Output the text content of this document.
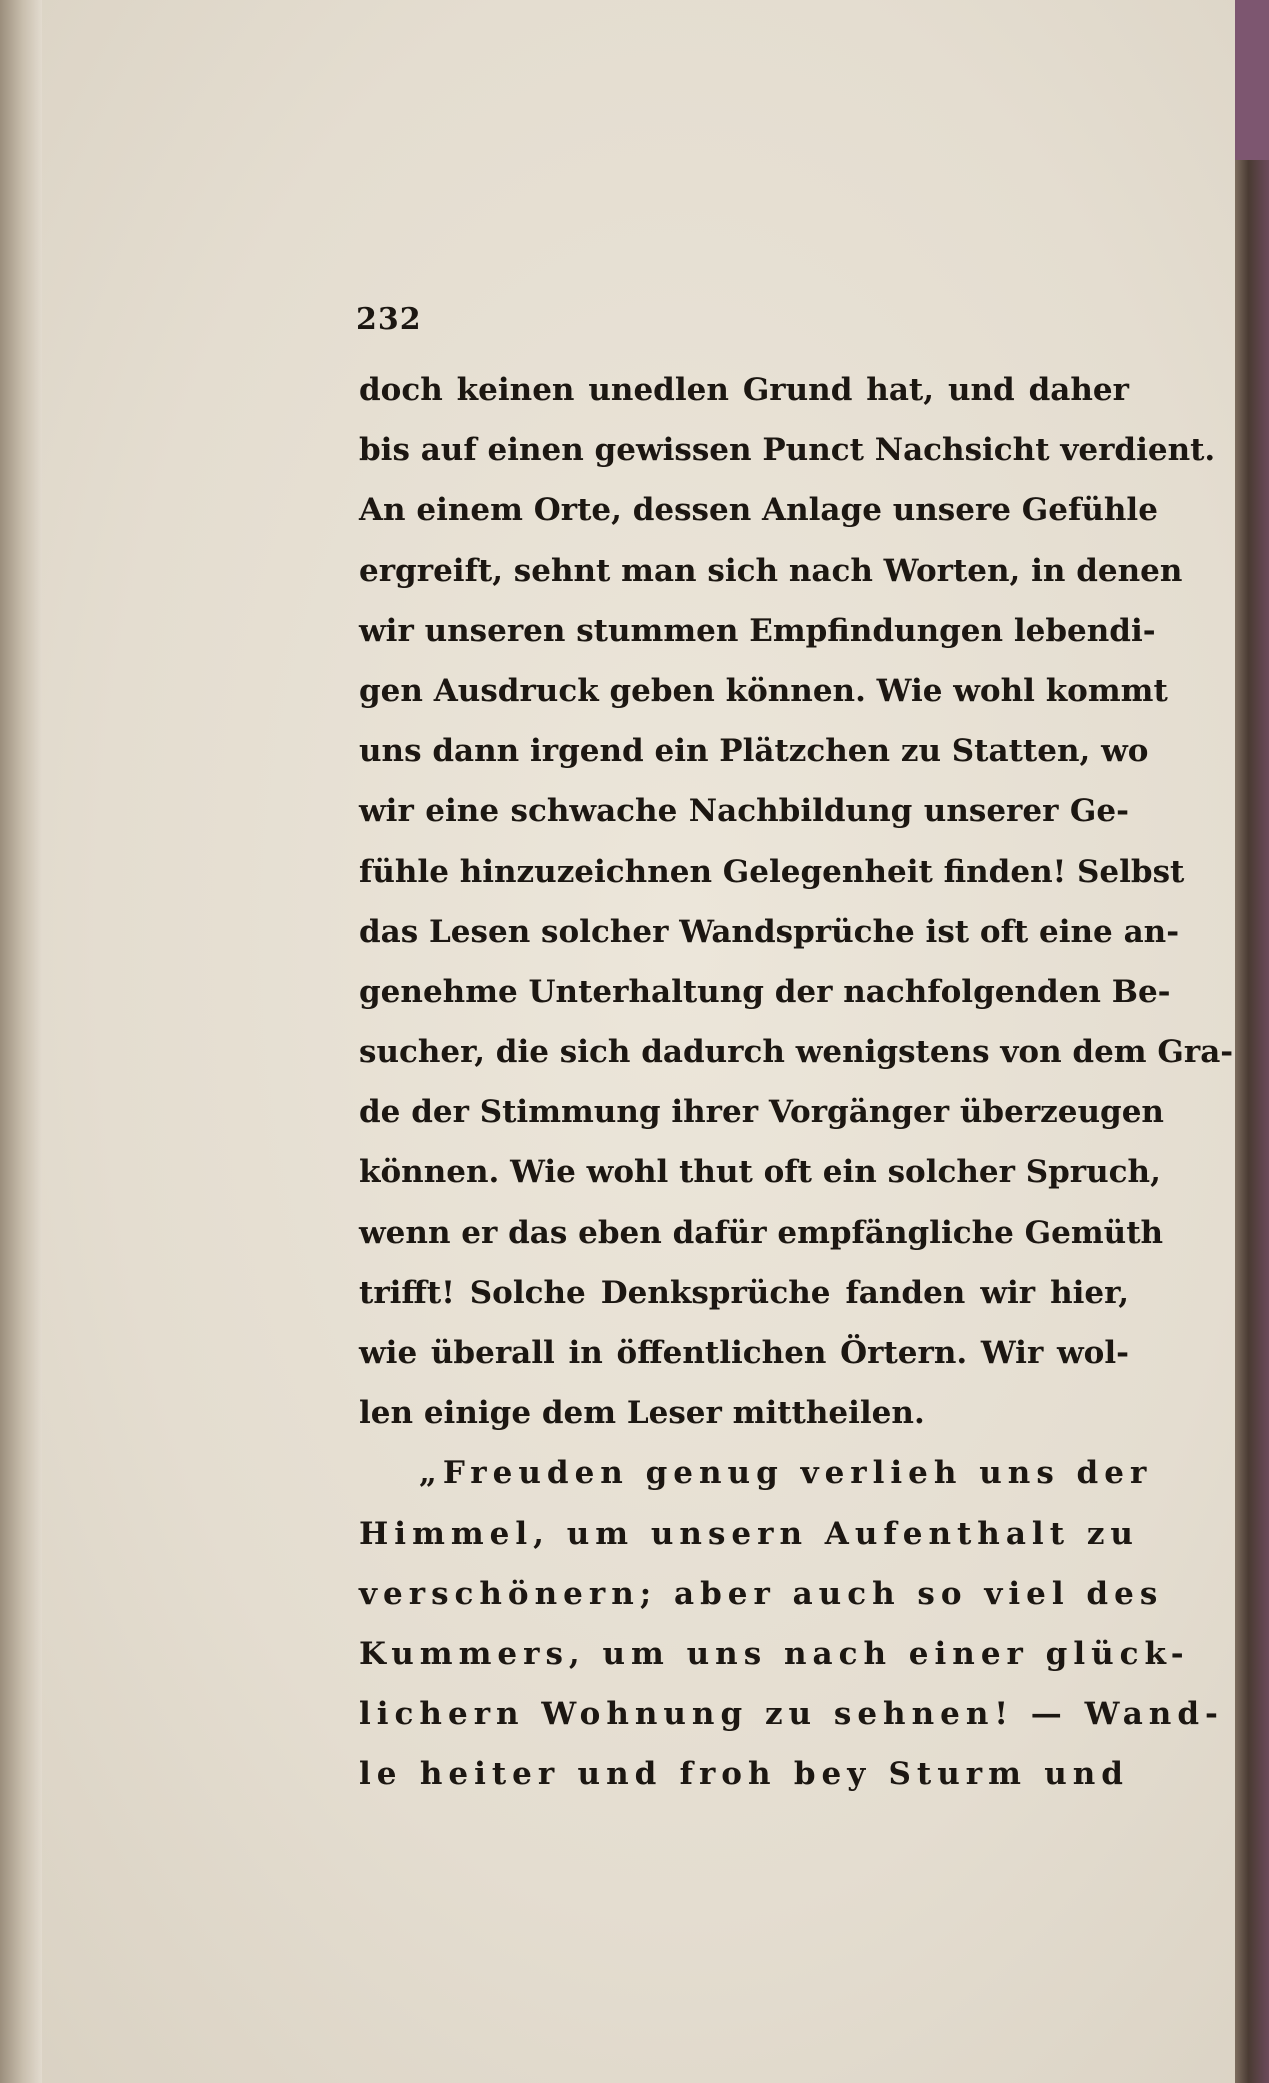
232
doch keinen unedlen Grund hat, und daher
bis auf einen gewissen Punct Nachsicht verdient.
An einem Orte, dessen Anlage unsere Gefühle
ergreift, sehnt man sich nach Worten, in denen
wir unseren stummen Empfindungen lebendi-
gen Ausdruck geben können. Wie wohl kommt
uns dann irgend ein Plätzchen zu Statten, wo
wir eine schwache Nachbildung unserer Ge-
fühle hinzuzeichnen Gelegenheit finden! Selbst
das Lesen solcher Wandsprüche ist oft eine an-
genehme Unterhaltung der nachfolgenden Be-
sucher, die sich dadurch wenigstens von dem Gra-
de der Stimmung ihrer Vorgänger überzeugen
können. Wie wohl thut oft ein solcher Spruch,
wenn er das eben dafür empfängliche Gemüth
trifft! Solche Denksprüche fanden wir hier,
wie überall in öffentlichen Örtern. Wir wol-
len einige dem Leser mittheilen.
„Freuden genug verlieh uns der
Himmel, um unsern Aufenthalt zu
verschönern; aber auch so viel des
Kummers, um uns nach einer glück-
lichern Wohnung zu sehnen! — Wand-
le heiter und froh bey Sturm und
